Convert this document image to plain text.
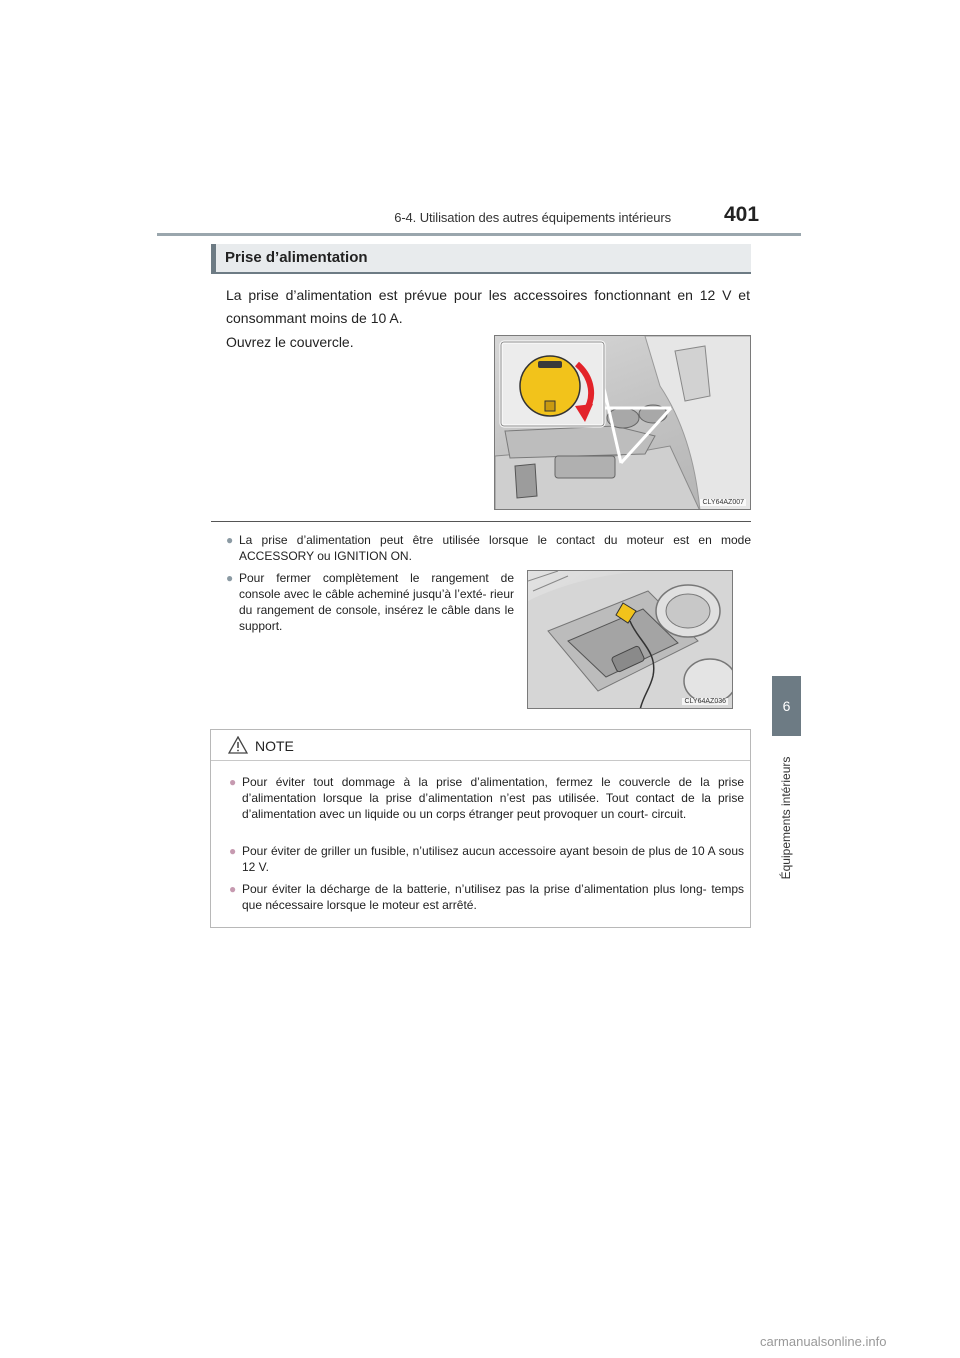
6-4. Utilisation des autres équipements intérieurs	401
6
Équipements intérieurs
Prise d’alimentation

La prise d’alimentation est prévue pour les accessoires fonctionnant en 12 V et consommant moins de 10 A.

Ouvrez le couvercle.

CLY64AZ007
● La prise d’alimentation peut être utilisée lorsque le contact du moteur est en mode ACCESSORY ou IGNITION ON.
● Pour fermer complètement le rangement de console avec le câble acheminé jusqu’à l’exté- rieur du rangement de console, insérez le câble dans le support.
CLY64AZ036
NOTE
● Pour éviter tout dommage à la prise d’alimentation, fermez le couvercle de la prise d’alimentation lorsque la prise d’alimentation n’est pas utilisée. Tout contact de la prise d’alimentation avec un liquide ou un corps étranger peut provoquer un court- circuit.
● Pour éviter de griller un fusible, n’utilisez aucun accessoire ayant besoin de plus de 10 A sous 12 V.
● Pour éviter la décharge de la batterie, n’utilisez pas la prise d’alimentation plus long- temps que nécessaire lorsque le moteur est arrêté.
carmanualsonline.info
